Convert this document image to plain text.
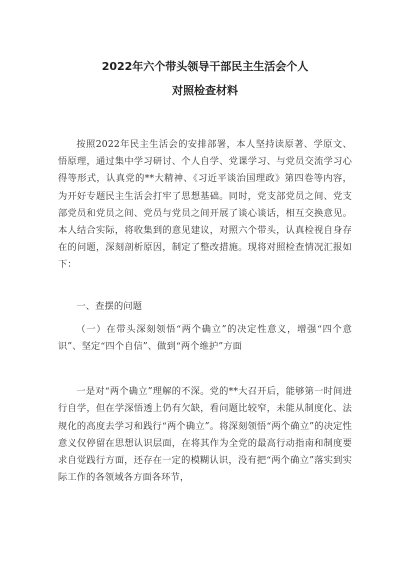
2022年六个带头领导干部民主生活会个人

对照检查材料

按照2022年民主生活会的安排部署，本人坚持读原著、学原文、悟原理，通过集中学习研讨、个人自学、党课学习、与党员交流学习心得等形式，认真党的**大精神、《习近平谈治国理政》第四卷等内容，为开好专题民主生活会打牢了思想基础。同时，党支部党员之间、党支部党员和党员之间、党员与党员之间开展了谈心谈话，相互交换意见。本人结合实际，将收集到的意见建议，对照六个带头，认真检视自身存在的问题，深刻剖析原因，制定了整改措施。现将对照检查情况汇报如下：

一、查摆的问题

（一）在带头深刻领悟“两个确立”的决定性意义，增强“四个意识”、坚定“四个自信”、做到“两个维护”方面

一是对“两个确立”理解的不深。党的**大召开后，能够第一时间进行自学，但在学深悟透上仍有欠缺，看问题比较窄，未能从制度化、法规化的高度去学习和践行“两个确立”。将深刻领悟“两个确立”的决定性意义仅停留在思想认识层面，在将其作为全党的最高行动指南和制度要求自觉践行方面，还存在一定的模糊认识，没有把“两个确立”落实到实际工作的各领域各方面各环节，
